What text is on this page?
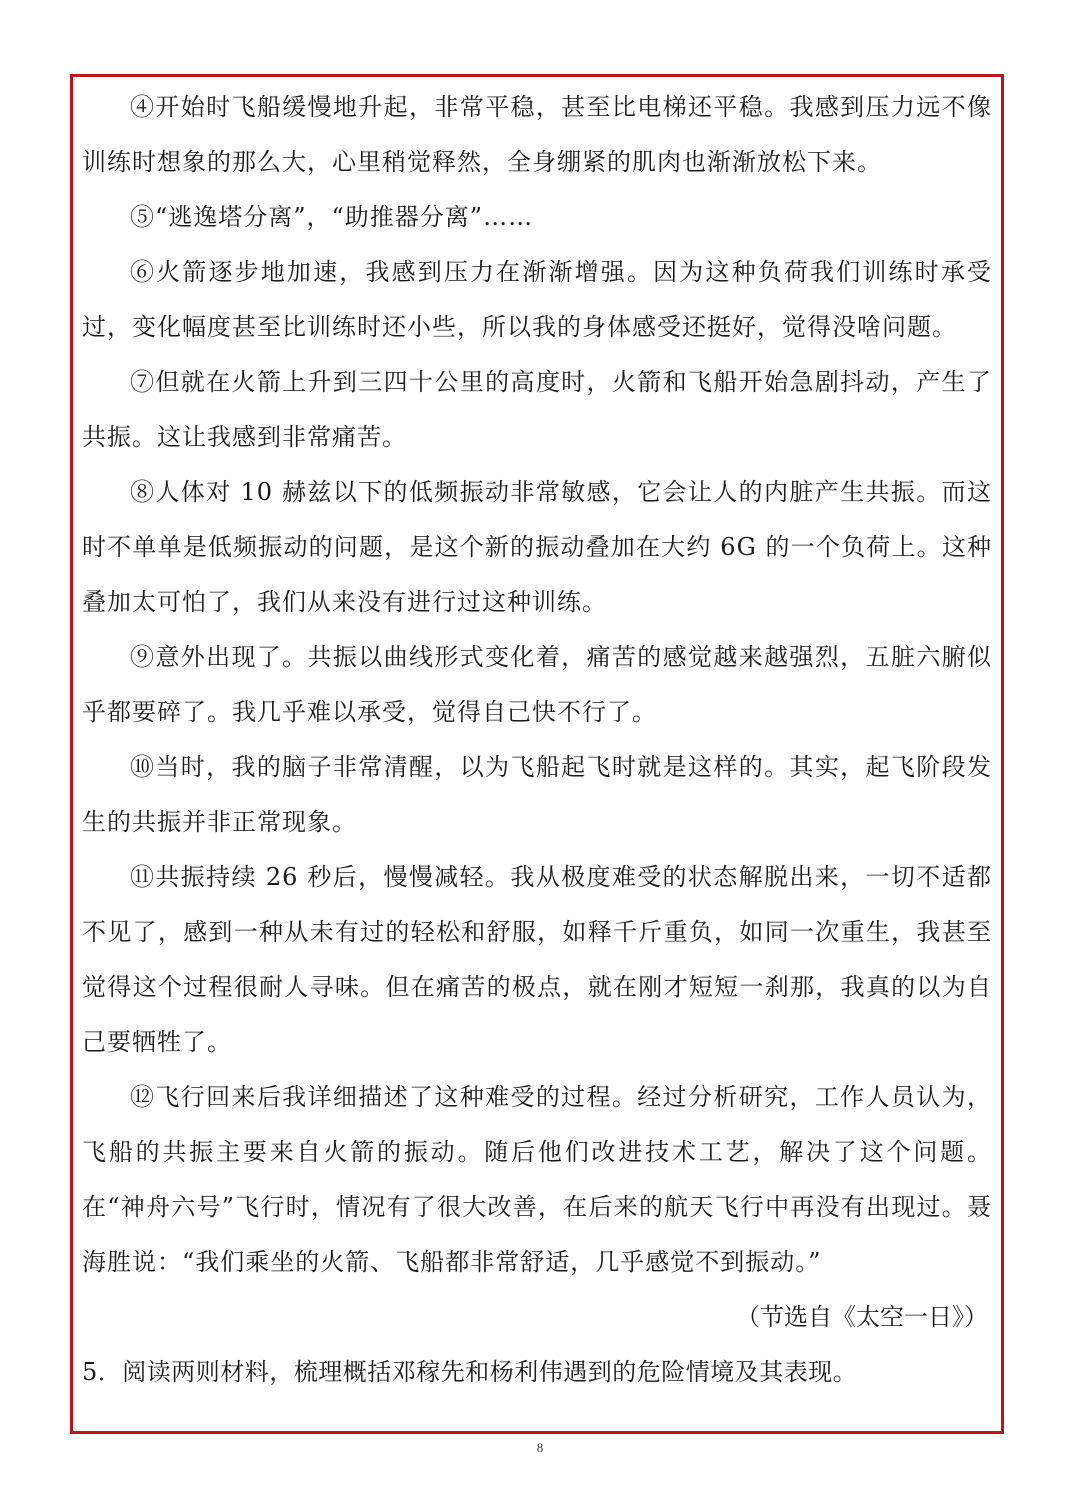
④开始时飞船缓慢地升起，非常平稳，甚至比电梯还平稳。我感到压力远不像训练时想象的那么大，心里稍觉释然，全身绷紧的肌肉也渐渐放松下来。

⑤“逃逸塔分离”，“助推器分离”……

⑥火箭逐步地加速，我感到压力在渐渐增强。因为这种负荷我们训练时承受过，变化幅度甚至比训练时还小些，所以我的身体感受还挺好，觉得没啥问题。

⑦但就在火箭上升到三四十公里的高度时，火箭和飞船开始急剧抖动，产生了共振。这让我感到非常痛苦。

⑧人体对 10 赫兹以下的低频振动非常敏感，它会让人的内脏产生共振。而这时不单单是低频振动的问题，是这个新的振动叠加在大约 6G 的一个负荷上。这种叠加太可怕了，我们从来没有进行过这种训练。

⑨意外出现了。共振以曲线形式变化着，痛苦的感觉越来越强烈，五脏六腑似乎都要碎了。我几乎难以承受，觉得自己快不行了。

⑩当时，我的脑子非常清醒，以为飞船起飞时就是这样的。其实，起飞阶段发生的共振并非正常现象。

⑪共振持续 26 秒后，慢慢减轻。我从极度难受的状态解脱出来，一切不适都不见了，感到一种从未有过的轻松和舒服，如释千斤重负，如同一次重生，我甚至觉得这个过程很耐人寻味。但在痛苦的极点，就在刚才短短一刹那，我真的以为自己要牺牲了。

⑫飞行回来后我详细描述了这种难受的过程。经过分析研究，工作人员认为，飞船的共振主要来自火箭的振动。随后他们改进技术工艺，解决了这个问题。在“神舟六号”飞行时，情况有了很大改善，在后来的航天飞行中再没有出现过。聂海胜说：“我们乘坐的火箭、飞船都非常舒适，几乎感觉不到振动。”

（节选自《太空一日》）

5．阅读两则材料，梳理概括邓稼先和杨利伟遇到的危险情境及其表现。

8
